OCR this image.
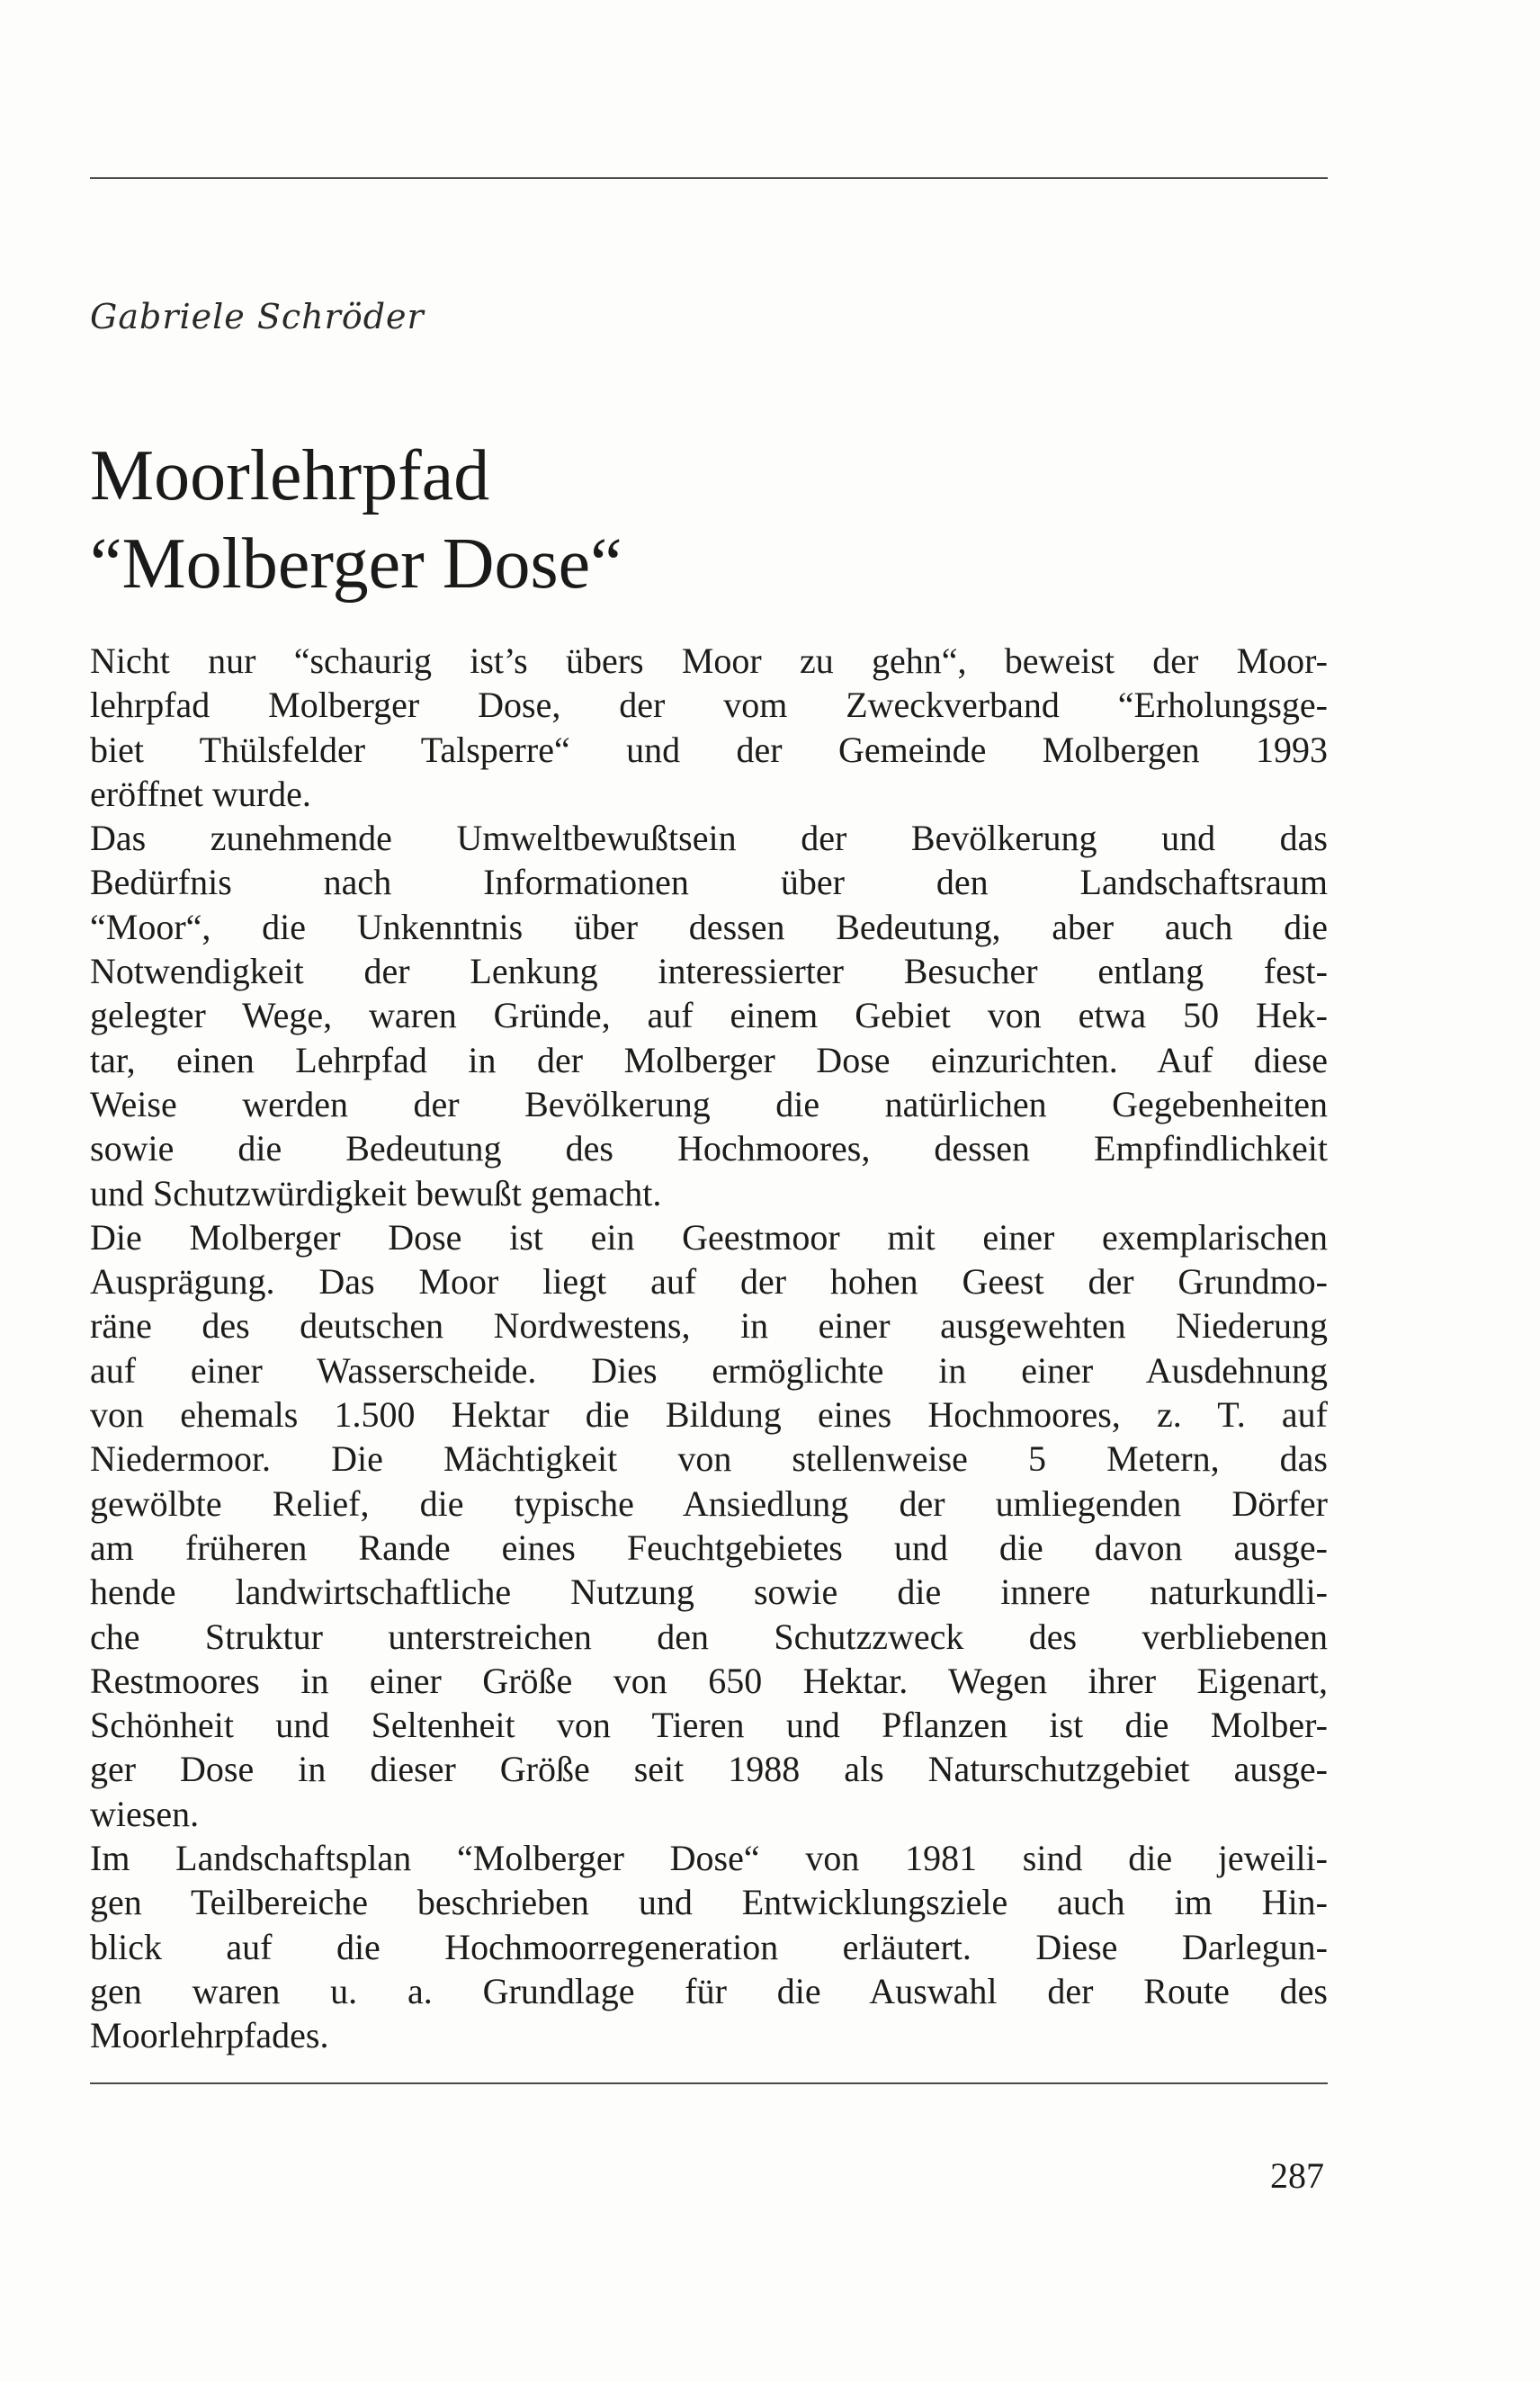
Gabriele Schröder
Moorlehrpfad
“Molberger Dose“
Nicht nur “schaurig ist’s übers Moor zu gehn“, beweist der Moor-
lehrpfad Molberger Dose, der vom Zweckverband “Erholungsge-
biet Thülsfelder Talsperre“ und der Gemeinde Molbergen 1993
eröffnet wurde.
Das zunehmende Umweltbewußtsein der Bevölkerung und das
Bedürfnis nach Informationen über den Landschaftsraum
“Moor“, die Unkenntnis über dessen Bedeutung, aber auch die
Notwendigkeit der Lenkung interessierter Besucher entlang fest-
gelegter Wege, waren Gründe, auf einem Gebiet von etwa 50 Hek-
tar, einen Lehrpfad in der Molberger Dose einzurichten. Auf diese
Weise werden der Bevölkerung die natürlichen Gegebenheiten
sowie die Bedeutung des Hochmoores, dessen Empfindlichkeit
und Schutzwürdigkeit bewußt gemacht.
Die Molberger Dose ist ein Geestmoor mit einer exemplarischen
Ausprägung. Das Moor liegt auf der hohen Geest der Grundmo-
räne des deutschen Nordwestens, in einer ausgewehten Niederung
auf einer Wasserscheide. Dies ermöglichte in einer Ausdehnung
von ehemals 1.500 Hektar die Bildung eines Hochmoores, z. T. auf
Niedermoor. Die Mächtigkeit von stellenweise 5 Metern, das
gewölbte Relief, die typische Ansiedlung der umliegenden Dörfer
am früheren Rande eines Feuchtgebietes und die davon ausge-
hende landwirtschaftliche Nutzung sowie die innere naturkundli-
che Struktur unterstreichen den Schutzzweck des verbliebenen
Restmoores in einer Größe von 650 Hektar. Wegen ihrer Eigenart,
Schönheit und Seltenheit von Tieren und Pflanzen ist die Molber-
ger Dose in dieser Größe seit 1988 als Naturschutzgebiet ausge-
wiesen.
Im Landschaftsplan “Molberger Dose“ von 1981 sind die jeweili-
gen Teilbereiche beschrieben und Entwicklungsziele auch im Hin-
blick auf die Hochmoorregeneration erläutert. Diese Darlegun-
gen waren u. a. Grundlage für die Auswahl der Route des
Moorlehrpfades.
287
